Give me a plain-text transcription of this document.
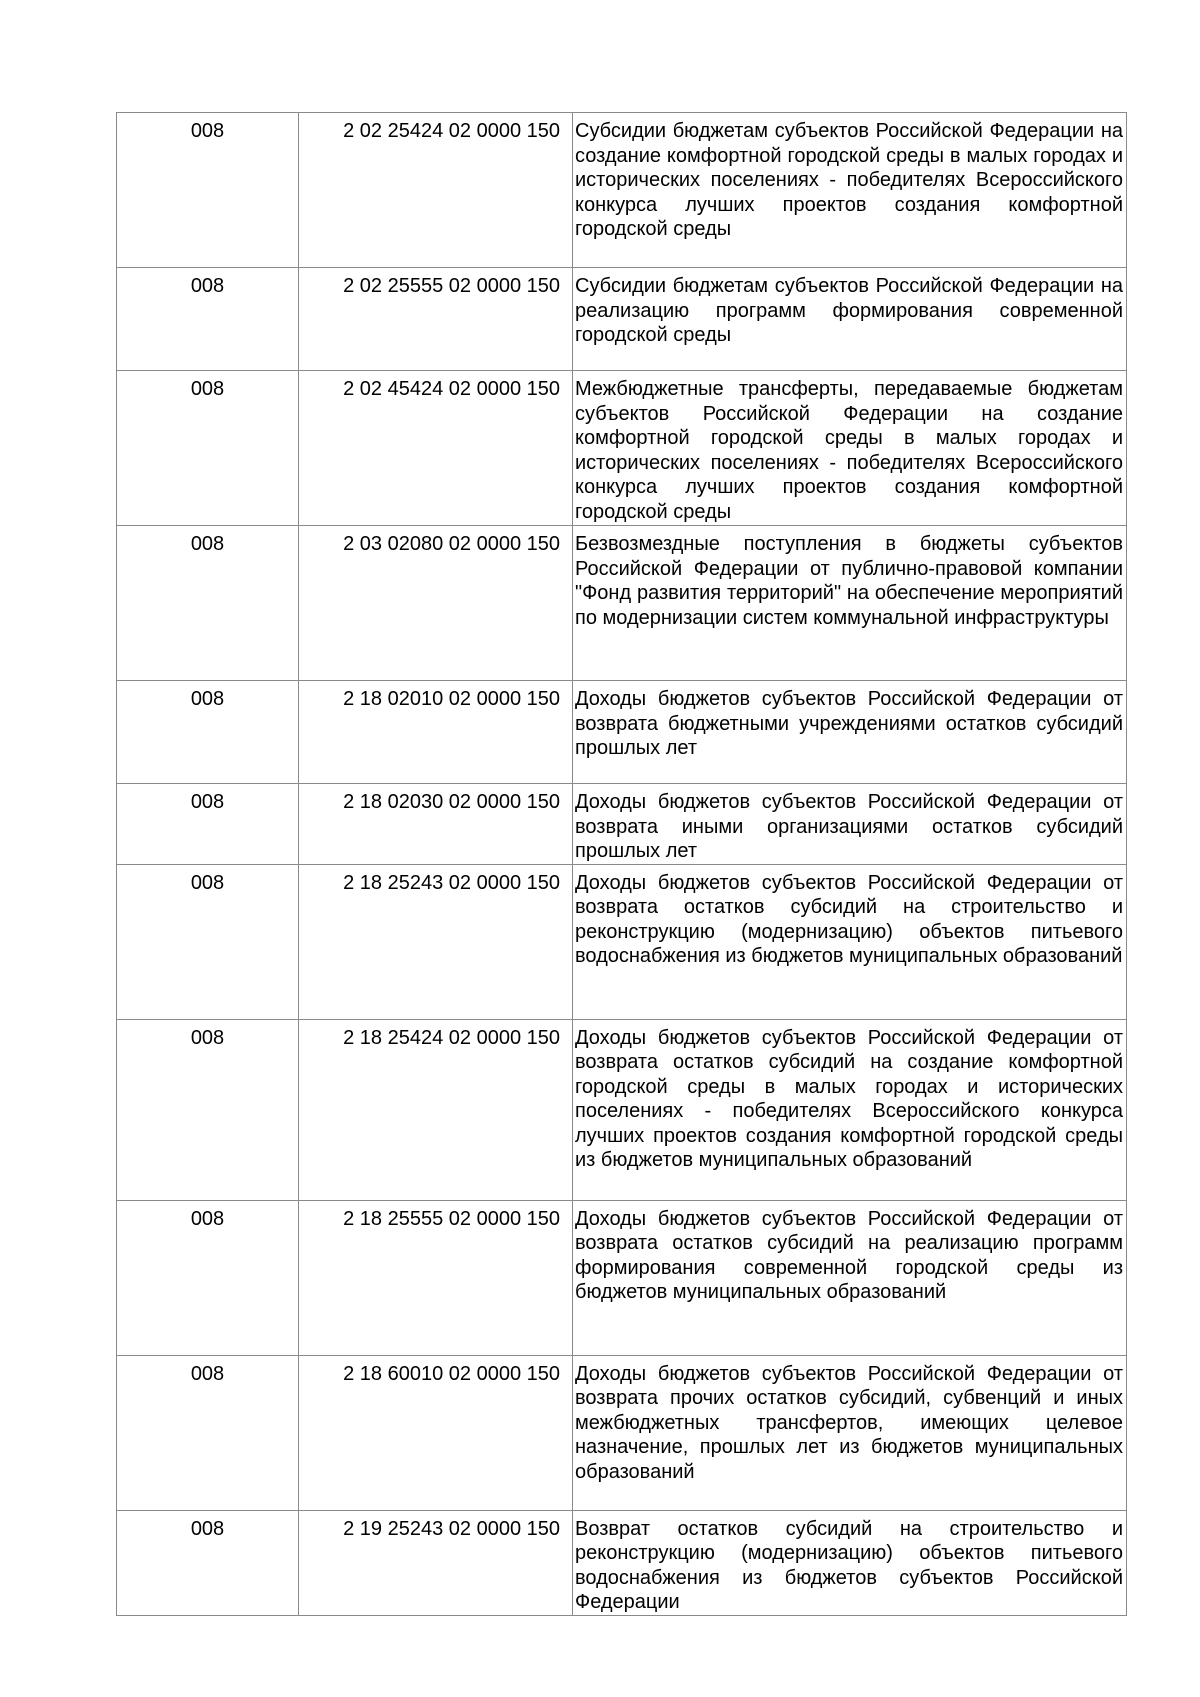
008	2 02 25424 02 0000 150	Субсидии бюджетам субъектов Российской Федерации на создание комфортной городской среды в малых городах и исторических поселениях - победителях Всероссийского конкурса лучших проектов создания комфортной городской среды

008	2 02 25555 02 0000 150	Субсидии бюджетам субъектов Российской Федерации на реализацию программ формирования современной городской среды

008	2 02 45424 02 0000 150	Межбюджетные трансферты, передаваемые бюджетам субъектов Российской Федерации на создание комфортной городской среды в малых городах и исторических поселениях - победителях Всероссийского конкурса лучших проектов создания комфортной городской среды

008	2 03 02080 02 0000 150	Безвозмездные поступления в бюджеты субъектов Российской Федерации от публично-правовой компании "Фонд развития территорий" на обеспечение мероприятий по модернизации систем коммунальной инфраструктуры

008	2 18 02010 02 0000 150	Доходы бюджетов субъектов Российской Федерации от возврата бюджетными учреждениями остатков субсидий прошлых лет

008	2 18 02030 02 0000 150	Доходы бюджетов субъектов Российской Федерации от возврата иными организациями остатков субсидий прошлых лет

008	2 18 25243 02 0000 150	Доходы бюджетов субъектов Российской Федерации от возврата остатков субсидий на строительство и реконструкцию (модернизацию) объектов питьевого водоснабжения из бюджетов муниципальных образований

008	2 18 25424 02 0000 150	Доходы бюджетов субъектов Российской Федерации от возврата остатков субсидий на создание комфортной городской среды в малых городах и исторических поселениях - победителях Всероссийского конкурса лучших проектов создания комфортной городской среды из бюджетов муниципальных образований

008	2 18 25555 02 0000 150	Доходы бюджетов субъектов Российской Федерации от возврата остатков субсидий на реализацию программ формирования современной городской среды из бюджетов муниципальных образований

008	2 18 60010 02 0000 150	Доходы бюджетов субъектов Российской Федерации от возврата прочих остатков субсидий, субвенций и иных межбюджетных трансфертов, имеющих целевое назначение, прошлых лет из бюджетов муниципальных образований

008	2 19 25243 02 0000 150	Возврат остатков субсидий на строительство и реконструкцию (модернизацию) объектов питьевого водоснабжения из бюджетов субъектов Российской Федерации
